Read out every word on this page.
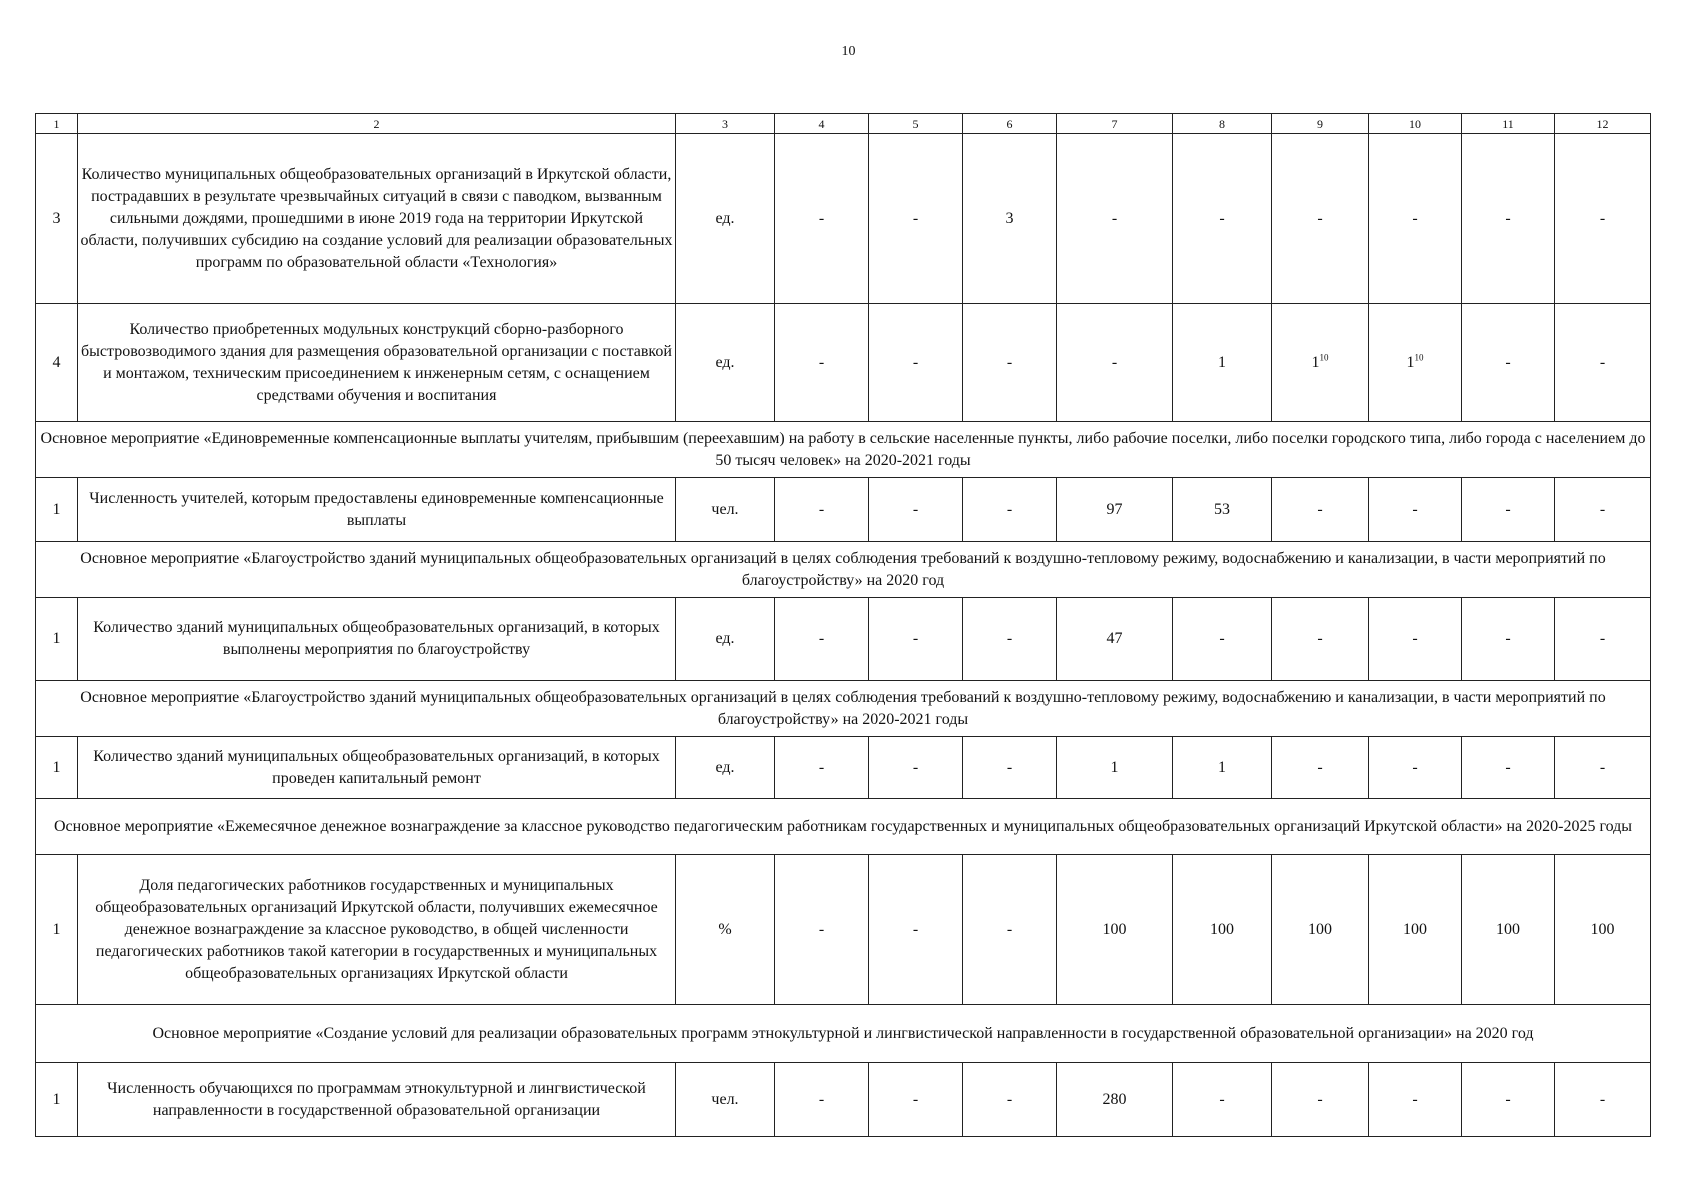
10
1	2	3	4	5	6	7	8	9	10	11	12
3	Количество муниципальных общеобразовательных организаций в Иркутской области, пострадавших в результате чрезвычайных ситуаций в связи с паводком, вызванным сильными дождями, прошедшими в июне 2019 года на территории Иркутской области, получивших субсидию на создание условий для реализации образовательных программ по образовательной области «Технология»	ед.	-	-	3	-	-	-	-	-	-
4	Количество приобретенных модульных конструкций сборно-разборного быстровозводимого здания для размещения образовательной организации с поставкой и монтажом, техническим присоединением к инженерным сетям, с оснащением средствами обучения и воспитания	ед.	-	-	-	-	1	$1^{10}$	$1^{10}$	-	-
Основное мероприятие «Единовременные компенсационные выплаты учителям, прибывшим (переехавшим) на работу в сельские населенные пункты, либо рабочие поселки, либо поселки городского типа, либо города с населением до 50 тысяч человек» на 2020-2021 годы											
1	Численность учителей, которым предоставлены единовременные компенсационные выплаты	чел.	-	-	-	97	53	-	-	-	-
Основное мероприятие «Благоустройство зданий муниципальных общеобразовательных организаций в целях соблюдения требований к воздушно-тепловому режиму, водоснабжению и канализации, в части мероприятий по благоустройству» на 2020 год											
1	Количество зданий муниципальных общеобразовательных организаций, в которых выполнены мероприятия по благоустройству	ед.	-	-	-	47	-	-	-	-	-
Основное мероприятие «Благоустройство зданий муниципальных общеобразовательных организаций в целях соблюдения требований к воздушно-тепловому режиму, водоснабжению и канализации, в части мероприятий по благоустройству» на 2020-2021 годы											
1	Количество зданий муниципальных общеобразовательных организаций, в которых проведен капитальный ремонт	ед.	-	-	-	1	1	-	-	-	-
Основное мероприятие «Ежемесячное денежное вознаграждение за классное руководство педагогическим работникам государственных и муниципальных общеобразовательных организаций Иркутской области» на 2020-2025 годы											
1	Доля педагогических работников государственных и муниципальных общеобразовательных организаций Иркутской области, получивших ежемесячное денежное вознаграждение за классное руководство, в общей численности педагогических работников такой категории в государственных и муниципальных общеобразовательных организациях Иркутской области	%	-	-	-	100	100	100	100	100	100
Основное мероприятие «Создание условий для реализации образовательных программ этнокультурной и лингвистической направленности в государственной образовательной организации» на 2020 год											
1	Численность обучающихся по программам этнокультурной и лингвистической направленности в государственной образовательной организации	чел.	-	-	-	280	-	-	-	-	-
